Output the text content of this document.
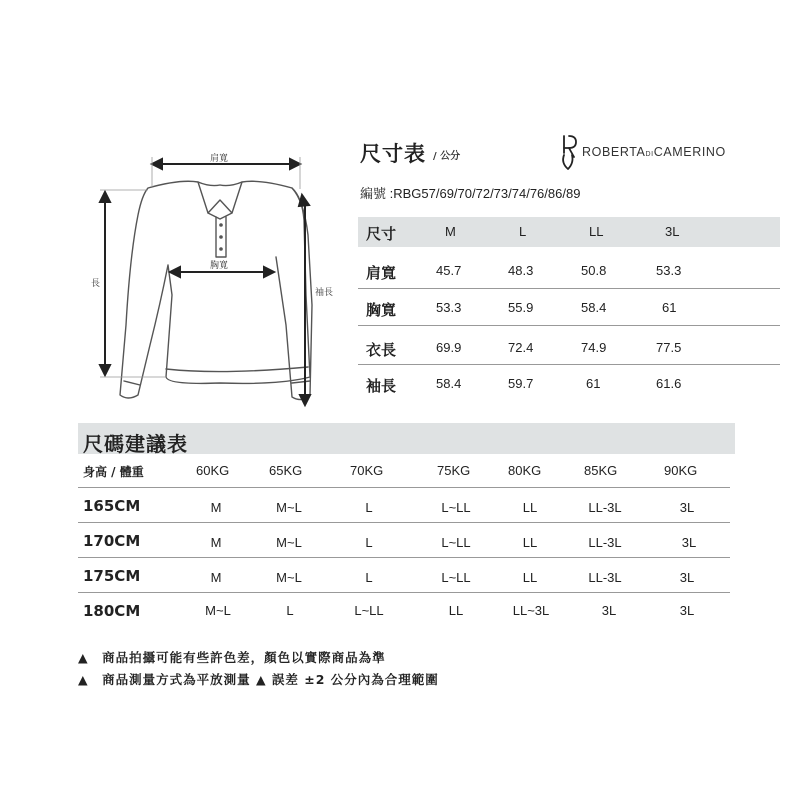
肩寬
胸寬
長
袖長
尺寸表 / 公分	ROBERTADICAMERINO
編號 :RBG57/69/70/72/73/74/76/86/89
尺寸	M	L	LL	3L
肩寬	45.7	48.3	50.8	53.3
胸寬	53.3	55.9	58.4	61
衣長	69.9	72.4	74.9	77.5
袖長	58.4	59.7	61	61.6
尺碼建議表
身高 / 體重	60KG	65KG	70KG	75KG	80KG	85KG	90KG
165CM	M	M~L	L	L~LL	LL	LL-3L	3L
170CM	M	M~L	L	L~LL	LL	LL-3L	3L
175CM	M	M~L	L	L~LL	LL	LL-3L	3L
180CM	M~L	L	L~LL	LL	LL~3L	3L	3L
▲　商品拍攝可能有些許色差，顏色以實際商品為準
▲　商品測量方式為平放測量 ▲ 誤差 ±2 公分內為合理範圍
